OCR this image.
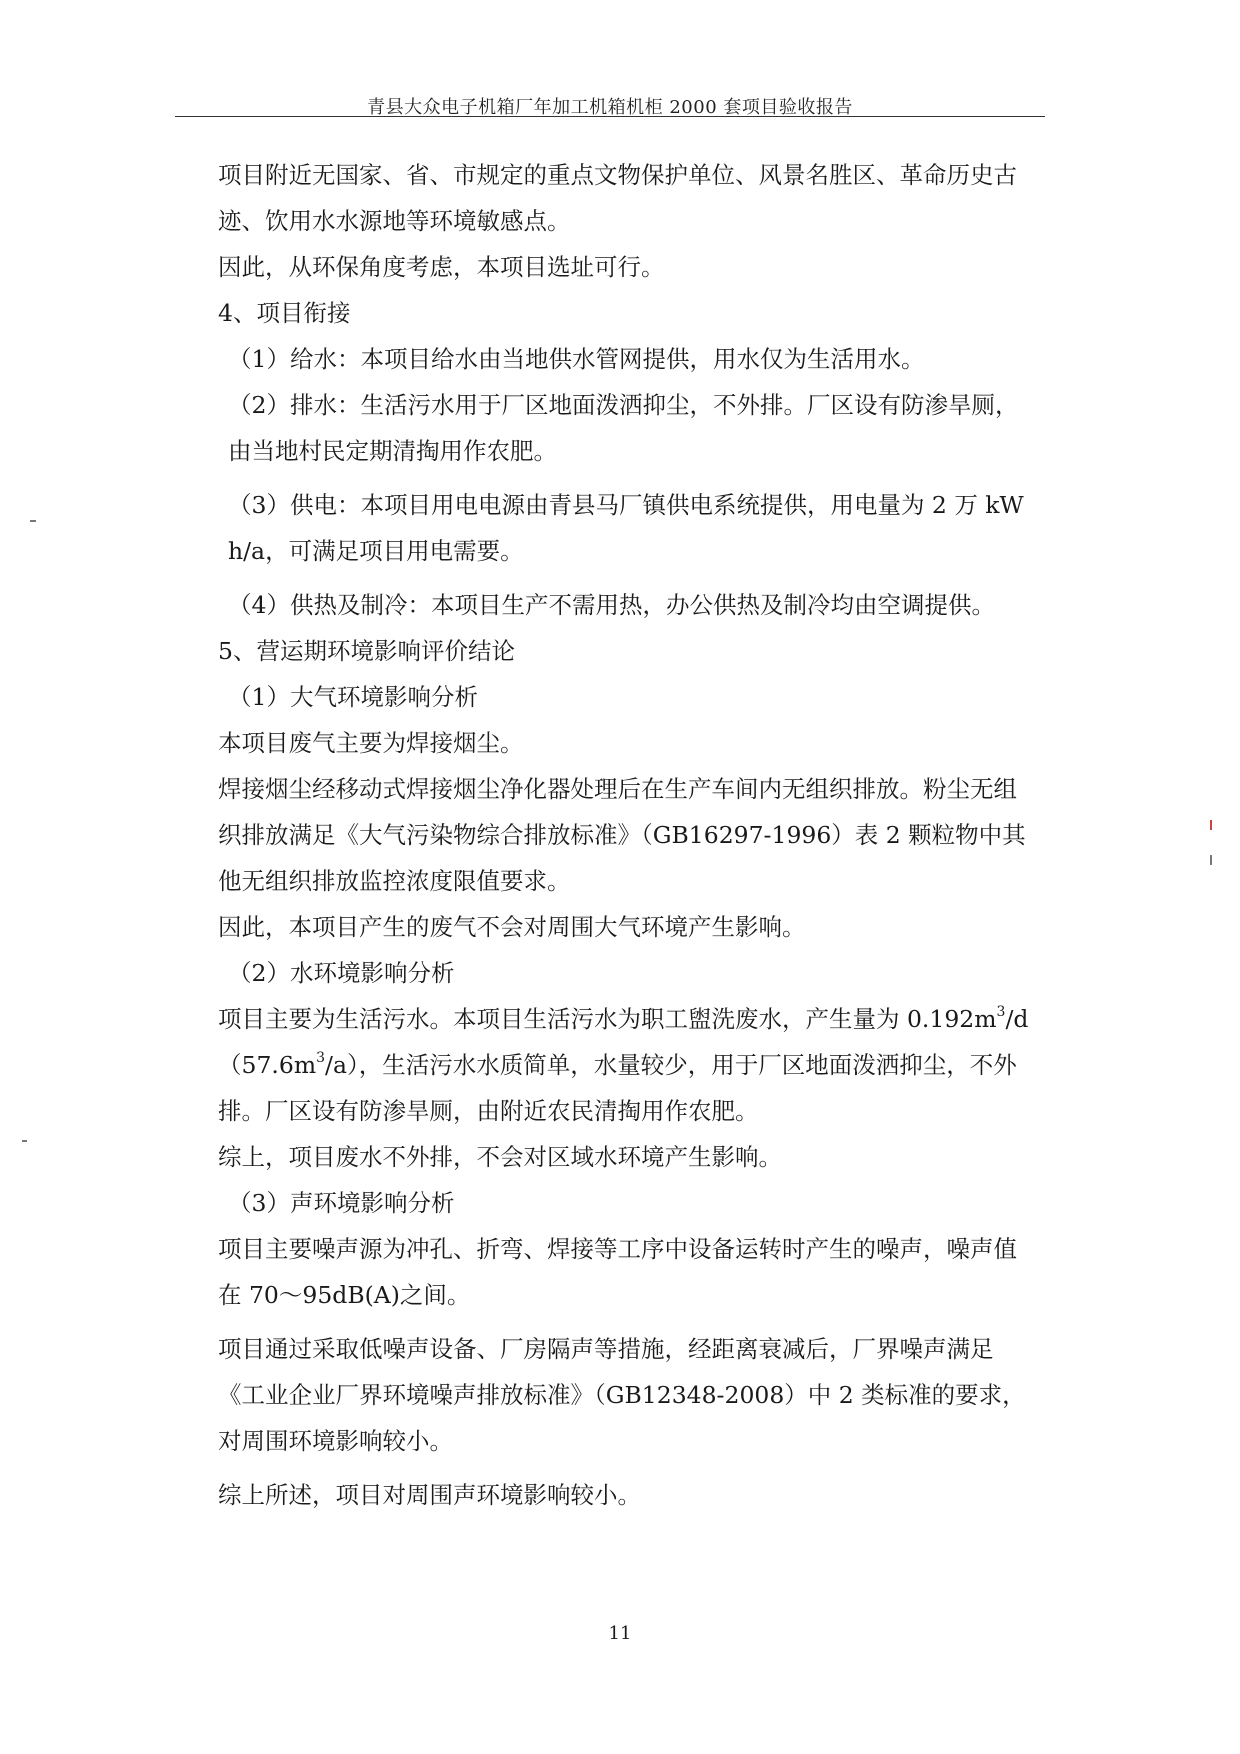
青县大众电子机箱厂年加工机箱机柜 2000 套项目验收报告

项目附近无国家、省、市规定的重点文物保护单位、风景名胜区、革命历史古迹、饮用水水源地等环境敏感点。

因此，从环保角度考虑，本项目选址可行。

4、项目衔接

（1）给水：本项目给水由当地供水管网提供，用水仅为生活用水。

（2）排水：生活污水用于厂区地面泼洒抑尘，不外排。厂区设有防渗旱厕，由当地村民定期清掏用作农肥。

（3）供电：本项目用电电源由青县马厂镇供电系统提供，用电量为 2 万 kW h/a，可满足项目用电需要。

（4）供热及制冷：本项目生产不需用热，办公供热及制冷均由空调提供。

5、营运期环境影响评价结论

（1）大气环境影响分析

本项目废气主要为焊接烟尘。

焊接烟尘经移动式焊接烟尘净化器处理后在生产车间内无组织排放。粉尘无组织排放满足《大气污染物综合排放标准》（GB16297-1996）表 2 颗粒物中其他无组织排放监控浓度限值要求。

因此，本项目产生的废气不会对周围大气环境产生影响。

（2）水环境影响分析

项目主要为生活污水。本项目生活污水为职工盥洗废水，产生量为 $0.192m^3/d(57.6m^3/a)$，生活污水水质简单，水量较少，用于厂区地面泼洒抑尘，不外排。厂区设有防渗旱厕，由附近农民清掏用作农肥。

综上，项目废水不外排，不会对区域水环境产生影响。

（3）声环境影响分析

项目主要噪声源为冲孔、折弯、焊接等工序中设备运转时产生的噪声，噪声值在 70～95dB(A)之间。

项目通过采取低噪声设备、厂房隔声等措施，经距离衰减后，厂界噪声满足《工业企业厂界环境噪声排放标准》（GB12348-2008）中 2 类标准的要求，对周围环境影响较小。

综上所述，项目对周围声环境影响较小。

11
